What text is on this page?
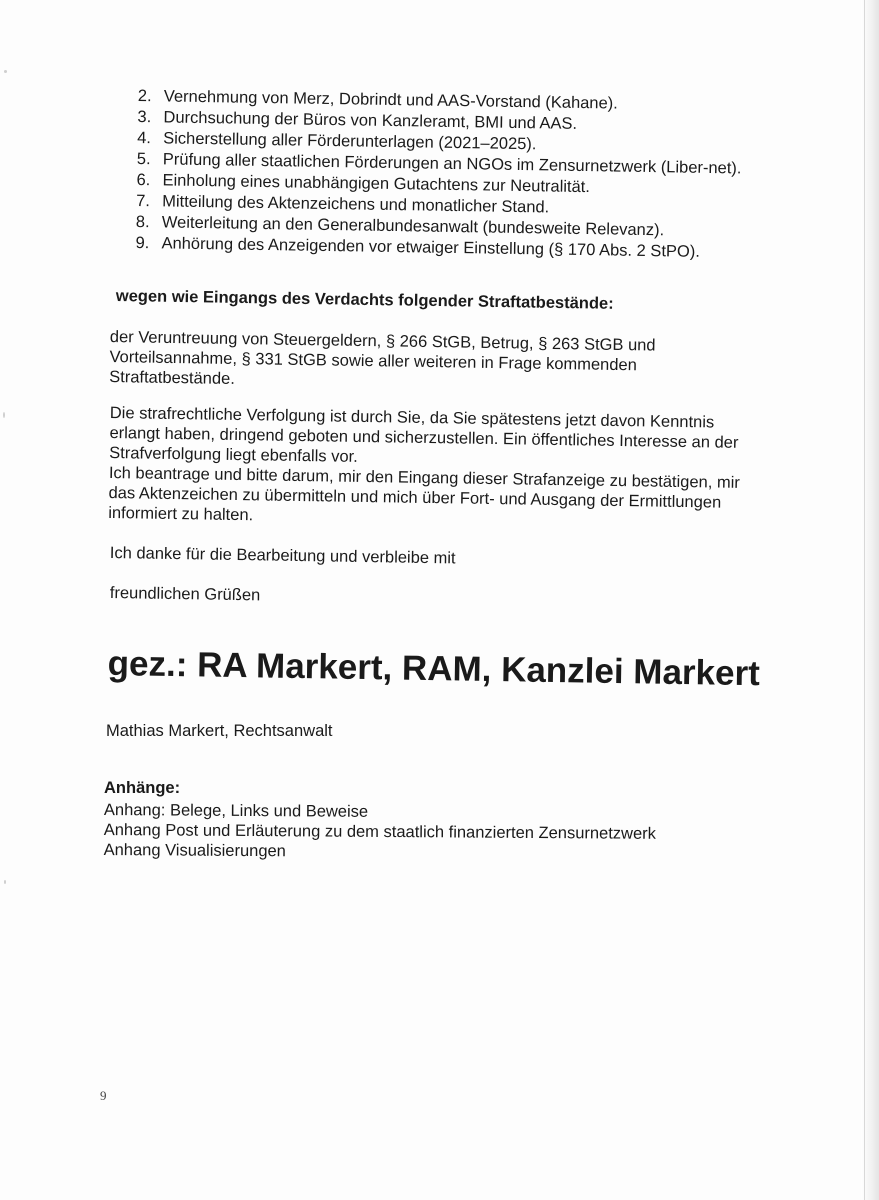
2. Vernehmung von Merz, Dobrindt und AAS-Vorstand (Kahane).
3. Durchsuchung der Büros von Kanzleramt, BMI und AAS.
4. Sicherstellung aller Förderunterlagen (2021–2025).
5. Prüfung aller staatlichen Förderungen an NGOs im Zensurnetzwerk (Liber-net).
6. Einholung eines unabhängigen Gutachtens zur Neutralität.
7. Mitteilung des Aktenzeichens und monatlicher Stand.
8. Weiterleitung an den Generalbundesanwalt (bundesweite Relevanz).
9. Anhörung des Anzeigenden vor etwaiger Einstellung (§ 170 Abs. 2 StPO).
wegen wie Eingangs des Verdachts folgender Straftatbestände:
der Veruntreuung von Steuergeldern, § 266 StGB, Betrug, § 263 StGB und Vorteilsannahme, § 331 StGB sowie aller weiteren in Frage kommenden Straftatbestände.
Die strafrechtliche Verfolgung ist durch Sie, da Sie spätestens jetzt davon Kenntnis erlangt haben, dringend geboten und sicherzustellen. Ein öffentliches Interesse an der Strafverfolgung liegt ebenfalls vor.
Ich beantrage und bitte darum, mir den Eingang dieser Strafanzeige zu bestätigen, mir das Aktenzeichen zu übermitteln und mich über Fort- und Ausgang der Ermittlungen informiert zu halten.
Ich danke für die Bearbeitung und verbleibe mit
freundlichen Grüßen
gez.: RA Markert, RAM, Kanzlei Markert
Mathias Markert, Rechtsanwalt
Anhänge:
Anhang: Belege, Links und Beweise
Anhang Post und Erläuterung zu dem staatlich finanzierten Zensurnetzwerk
Anhang Visualisierungen
9
